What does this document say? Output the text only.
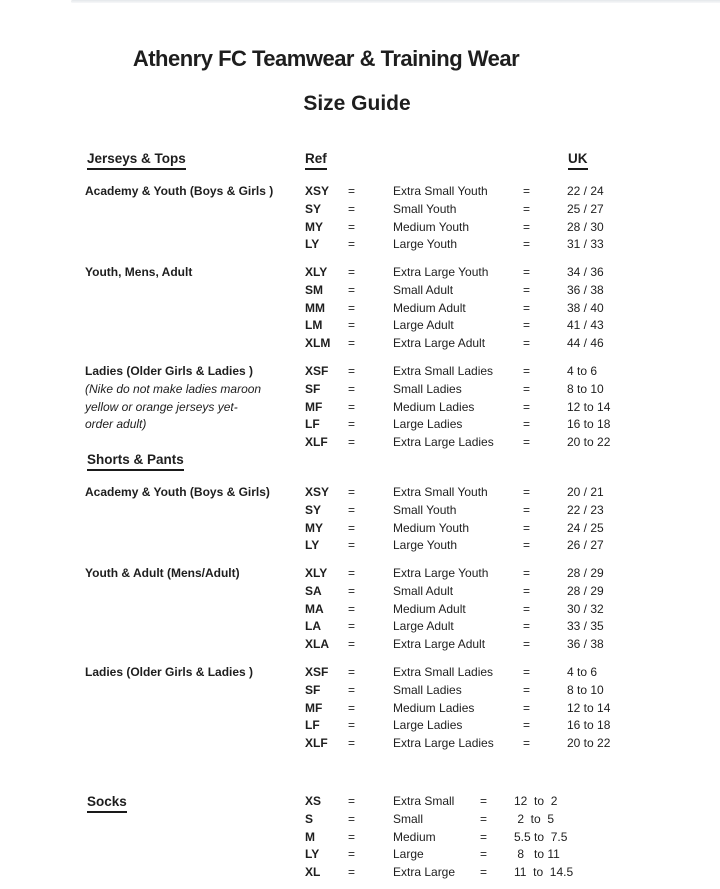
Athenry FC Teamwear & Training Wear
Size Guide
Jerseys & Tops	Ref	UK
Academy & Youth (Boys & Girls )	XSY	=	Extra Small Youth	=	22 / 24
SY	=	Small Youth	=	25 / 27
MY	=	Medium Youth	=	28 / 30
LY	=	Large Youth	=	31 / 33
Youth, Mens, Adult	XLY	=	Extra Large Youth	=	34 / 36
SM	=	Small Adult	=	36 / 38
MM	=	Medium Adult	=	38 / 40
LM	=	Large Adult	=	41 / 43
XLM	=	Extra Large Adult	=	44 / 46
Ladies (Older Girls & Ladies )
(Nike do not make ladies maroon
yellow or orange jerseys yet-
order adult)
XSF	=	Extra Small Ladies	=	4 to 6
SF	=	Small Ladies	=	8 to 10
MF	=	Medium Ladies	=	12 to 14
LF	=	Large Ladies	=	16 to 18
XLF	=	Extra Large Ladies	=	20 to 22
Shorts & Pants
Academy & Youth (Boys & Girls)	XSY	=	Extra Small Youth	=	20 / 21
SY	=	Small Youth	=	22 / 23
MY	=	Medium Youth	=	24 / 25
LY	=	Large Youth	=	26 / 27
Youth & Adult (Mens/Adult)	XLY	=	Extra Large Youth	=	28 / 29
SA	=	Small Adult	=	28 / 29
MA	=	Medium Adult	=	30 / 32
LA	=	Large Adult	=	33 / 35
XLA	=	Extra Large Adult	=	36 / 38
Ladies (Older Girls & Ladies )	XSF	=	Extra Small Ladies	=	4 to 6
SF	=	Small Ladies	=	8 to 10
MF	=	Medium Ladies	=	12 to 14
LF	=	Large Ladies	=	16 to 18
XLF	=	Extra Large Ladies	=	20 to 22
Socks	XS	=	Extra Small	=	12  to  2
S	=	Small	=	2  to  5
M	=	Medium	=	5.5 to  7.5
LY	=	Large	=	8   to 11
XL	=	Extra Large	=	11  to  14.5
